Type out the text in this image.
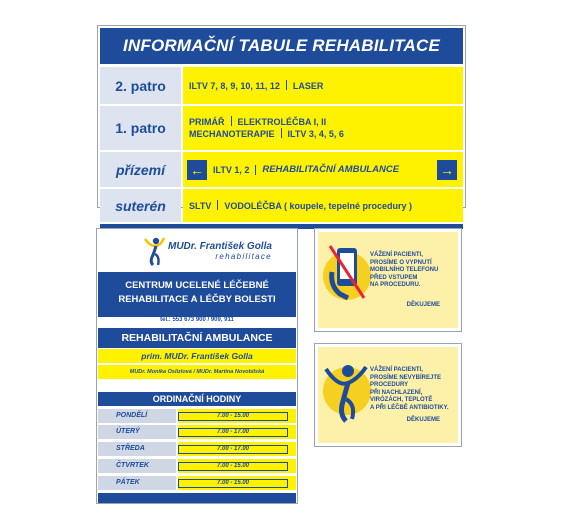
INFORMAČNÍ TABULE REHABILITACE
2. patro	ILTV 7, 8, 9, 10, 11, 12 LASER
1. patro	PRIMÁŘ ELEKTROLÉČBA I, II
MECHANOTERAPIE ILTV 3, 4, 5, 6
přízemí	←	ILTV 1, 2 REHABILITAČNÍ AMBULANCE	→
suterén	SLTV VODOLÉČBA ( koupele, tepelné procedury )
MUDr. František Golla
rehabilitace
CENTRUM UCELENÉ LÉČEBNÉ
REHABILITACE A LÉČBY BOLESTI
tel.: 553 673 900 / 909, 911
REHABILITAČNÍ AMBULANCE
prim. MUDr. František Golla
MUDr. Monika Oslizlová / MUDr. Martina Novobilská
ORDINAČNÍ HODINY
PONDĚLÍ	7.00 - 15.00
ÚTERÝ	7.00 - 17.00
STŘEDA	7.00 - 17.00
ČTVRTEK	7.00 - 15.00
PÁTEK	7.00 - 15.00
VÁŽENÍ PACIENTI,
PROSÍME O VYPNUTÍ
MOBILNÍHO TELEFONU
PŘED VSTUPEM
NA PROCEDURU.
DĚKUJEME
VÁŽENÍ PACIENTI,
PROSÍME NEVYBÍREJTE
PROCEDURY
PŘI NACHLAZENÍ,
VIRÓZÁCH, TEPLOTĚ
A PŘI LÉČBĚ ANTIBIOTIKY.
DĚKUJEME
